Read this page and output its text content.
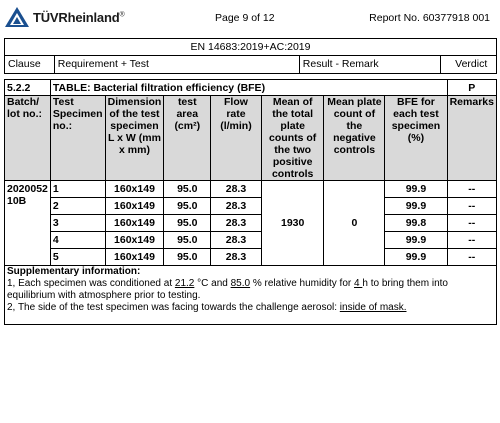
TÜVRheinland®	Page 9 of 12	Report No. 60377918 001
EN 14683:2019+AC:2019
Clause	Requirement + Test	Result - Remark	Verdict
5.2.2	TABLE: Bacterial filtration efficiency (BFE)							P
Batch/ lot no.:	Test Specimen no.:	Dimension of the test specimen L x W (mm x mm)	test area (cm²)	Flow rate (l/min)	Mean of the total plate counts of the two positive controls	Mean plate count of the negative controls	BFE for each test specimen (%)	Remarks
2020052 10B	1	160x149	95.0	28.3	1930	0	99.9	--
	2	160x149	95.0	28.3			99.9	--
	3	160x149	95.0	28.3			99.8	--
	4	160x149	95.0	28.3			99.9	--
	5	160x149	95.0	28.3			99.9	--

Supplementary information:
1, Each specimen was conditioned at 21.2 °C and 85.0 % relative humidity for 4 h to bring them into equilibrium with atmosphere prior to testing.
2, The side of the test specimen was facing towards the challenge aerosol: inside of mask.								
